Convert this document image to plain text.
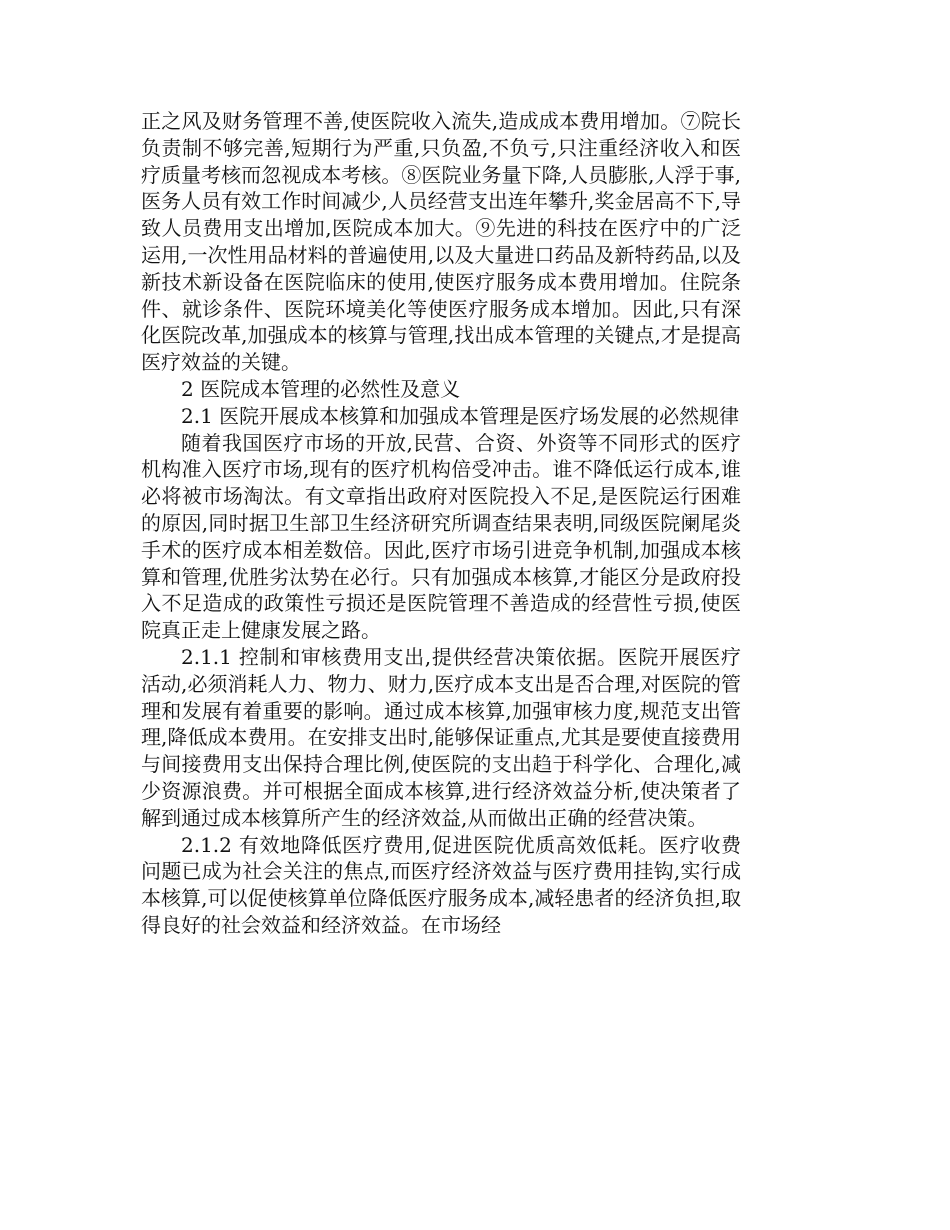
正之风及财务管理不善,使医院收入流失,造成成本费用增加。⑦院长负责制不够完善,短期行为严重,只负盈,不负亏,只注重经济收入和医疗质量考核而忽视成本考核。⑧医院业务量下降,人员膨胀,人浮于事,医务人员有效工作时间减少,人员经营支出连年攀升,奖金居高不下,导致人员费用支出增加,医院成本加大。⑨先进的科技在医疗中的广泛运用,一次性用品材料的普遍使用,以及大量进口药品及新特药品,以及新技术新设备在医院临床的使用,使医疗服务成本费用增加。住院条件、就诊条件、医院环境美化等使医疗服务成本增加。因此,只有深化医院改革,加强成本的核算与管理,找出成本管理的关键点,才是提高医疗效益的关键。

2 医院成本管理的必然性及意义

2.1 医院开展成本核算和加强成本管理是医疗场发展的必然规律

随着我国医疗市场的开放,民营、合资、外资等不同形式的医疗机构准入医疗市场,现有的医疗机构倍受冲击。谁不降低运行成本,谁必将被市场淘汰。有文章指出政府对医院投入不足,是医院运行困难的原因,同时据卫生部卫生经济研究所调查结果表明,同级医院阑尾炎手术的医疗成本相差数倍。因此,医疗市场引进竞争机制,加强成本核算和管理,优胜劣汰势在必行。只有加强成本核算,才能区分是政府投入不足造成的政策性亏损还是医院管理不善造成的经营性亏损,使医院真正走上健康发展之路。

2.1.1 控制和审核费用支出,提供经营决策依据。医院开展医疗活动,必须消耗人力、物力、财力,医疗成本支出是否合理,对医院的管理和发展有着重要的影响。通过成本核算,加强审核力度,规范支出管理,降低成本费用。在安排支出时,能够保证重点,尤其是要使直接费用与间接费用支出保持合理比例,使医院的支出趋于科学化、合理化,减少资源浪费。并可根据全面成本核算,进行经济效益分析,使决策者了解到通过成本核算所产生的经济效益,从而做出正确的经营决策。

2.1.2 有效地降低医疗费用,促进医院优质高效低耗。医疗收费问题已成为社会关注的焦点,而医疗经济效益与医疗费用挂钩,实行成本核算,可以促使核算单位降低医疗服务成本,减轻患者的经济负担,取得良好的社会效益和经济效益。在市场经
